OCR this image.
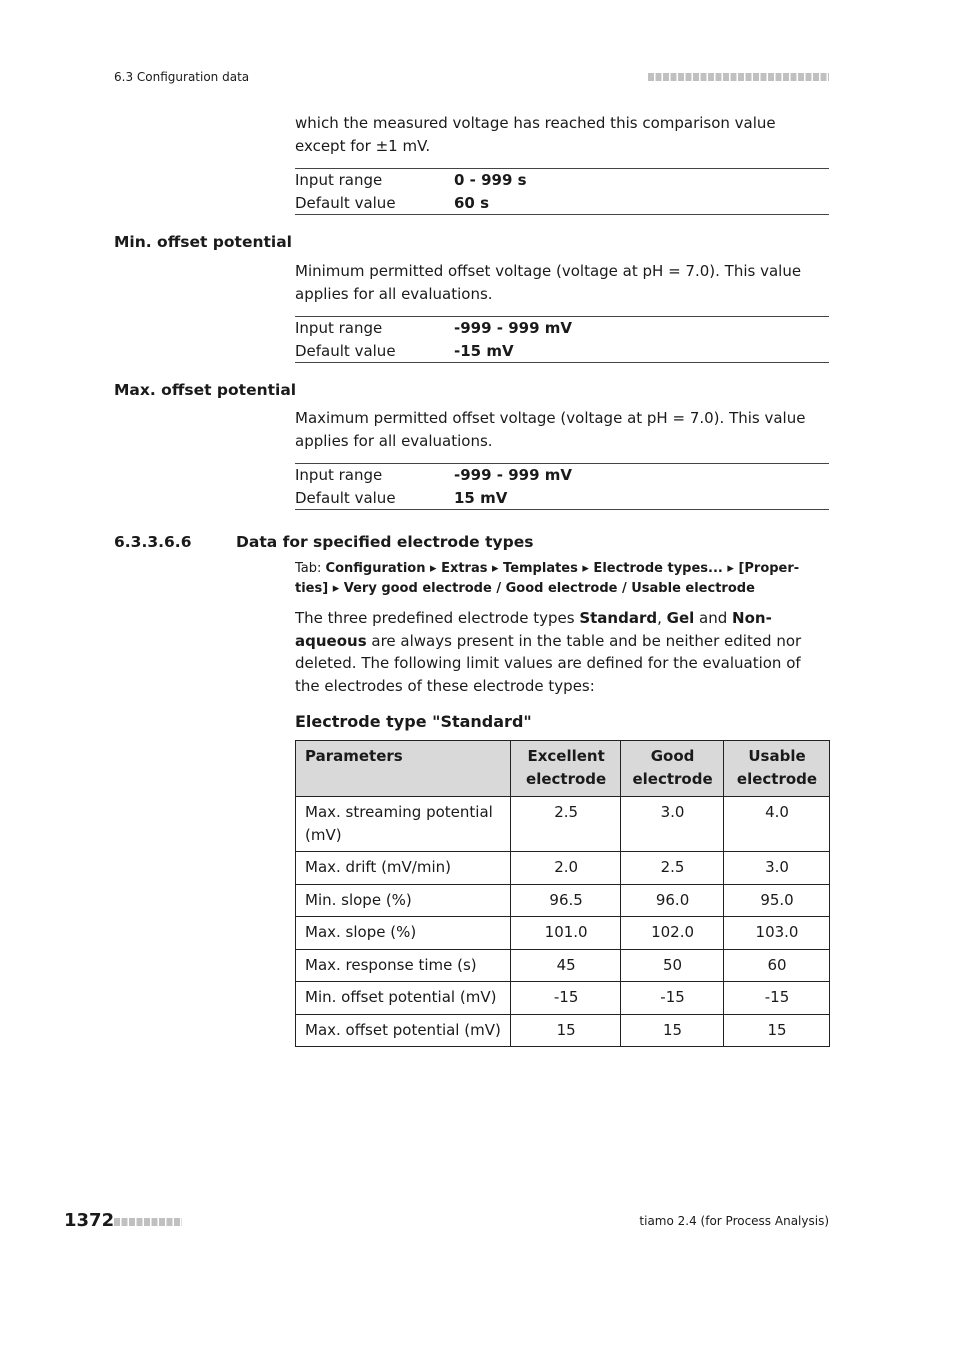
6.3 Configuration data
which the measured voltage has reached this comparison value except for ±1 mV.
Input range	0 - 999 s
Default value	60 s
Min. offset potential
Minimum permitted offset voltage (voltage at pH = 7.0). This value applies for all evaluations.
Input range	-999 - 999 mV
Default value	-15 mV
Max. offset potential
Maximum permitted offset voltage (voltage at pH = 7.0). This value applies for all evaluations.
Input range	-999 - 999 mV
Default value	15 mV
6.3.3.6.6	Data for specified electrode types
Tab: Configuration ▸ Extras ▸ Templates ▸ Electrode types... ▸ [Proper-
ties] ▸ Very good electrode / Good electrode / Usable electrode
The three predefined electrode types Standard, Gel and Non-aqueous are always present in the table and be neither edited nor deleted. The following limit values are defined for the evaluation of the electrodes of these electrode types:
Electrode type "Standard"
Parameters	Excellent electrode	Good electrode	Usable electrode
Max. streaming potential (mV)	2.5	3.0	4.0
Max. drift (mV/min)	2.0	2.5	3.0
Min. slope (%)	96.5	96.0	95.0
Max. slope (%)	101.0	102.0	103.0
Max. response time (s)	45	50	60
Min. offset potential (mV)	-15	-15	-15
Max. offset potential (mV)	15	15	15
1372	tiamo 2.4 (for Process Analysis)
